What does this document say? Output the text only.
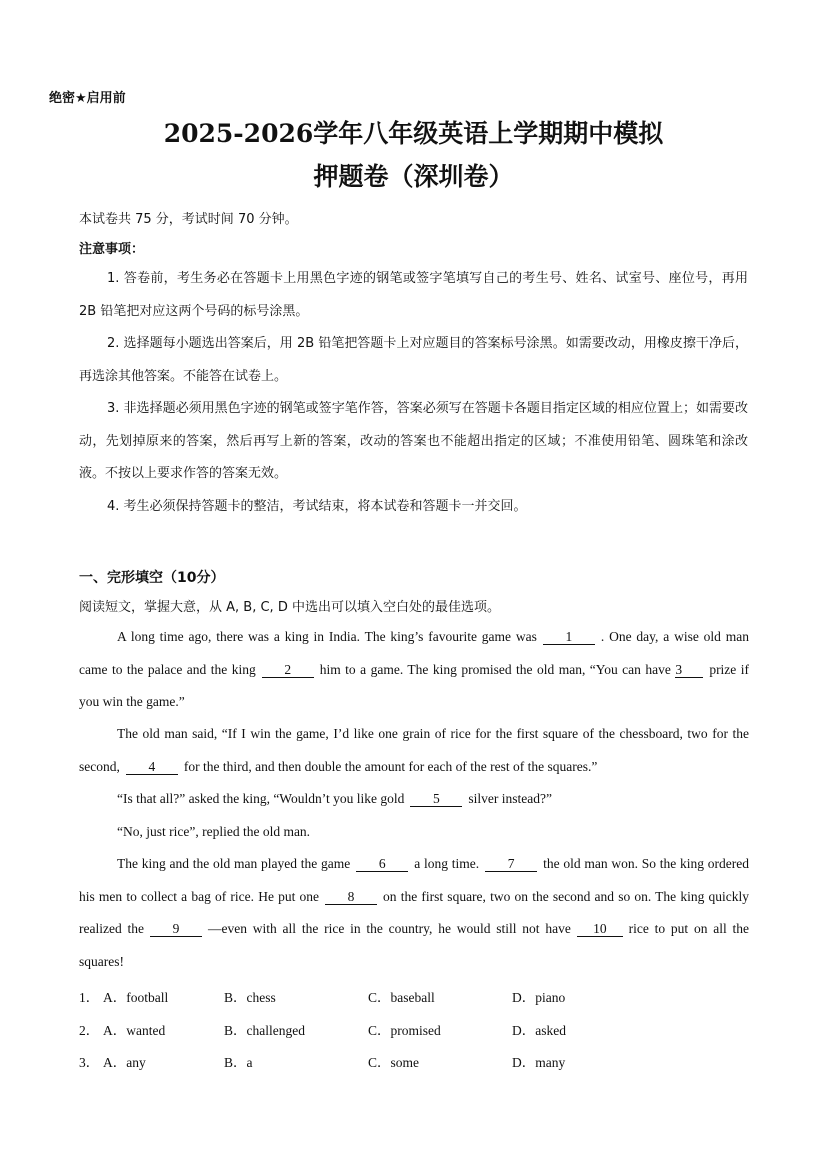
绝密★启用前
2025-2026学年八年级英语上学期期中模拟
押题卷（深圳卷）
本试卷共 75 分，考试时间 70 分钟。
注意事项：
1. 答卷前，考生务必在答题卡上用黑色字迹的钢笔或签字笔填写自己的考生号、姓名、试室号、座位号，再用 2B 铅笔把对应这两个号码的标号涂黑。
2. 选择题每小题选出答案后，用 2B 铅笔把答题卡上对应题目的答案标号涂黑。如需要改动，用橡皮擦干净后，再选涂其他答案。不能答在试卷上。
3. 非选择题必须用黑色字迹的钢笔或签字笔作答，答案必须写在答题卡各题目指定区域的相应位置上；如需要改动，先划掉原来的答案，然后再写上新的答案，改动的答案也不能超出指定的区域；不准使用铅笔、圆珠笔和涂改液。不按以上要求作答的答案无效。
4. 考生必须保持答题卡的整洁，考试结束，将本试卷和答题卡一并交回。
一、完形填空（10分）
阅读短文，掌握大意，从 A, B, C, D 中选出可以填入空白处的最佳选项。
A long time ago, there was a king in India. The king’s favourite game was 1 . One day, a wise old man came to the palace and the king 2 him to a game. The king promised the old man, “You can have 3 prize if you win the game.”
The old man said, “If I win the game, I’d like one grain of rice for the first square of the chessboard, two for the second, 4 for the third, and then double the amount for each of the rest of the squares.”
“Is that all?” asked the king, “Wouldn’t you like gold 5 silver instead?”
“No, just rice”, replied the old man.
The king and the old man played the game 6 a long time. 7 the old man won. So the king ordered his men to collect a bag of rice. He put one 8 on the first square, two on the second and so on. The king quickly realized the 9 —even with all the rice in the country, he would still not have 10 rice to put on all the squares!
1． A．football	B．chess	C．baseball	D．piano
2． A．wanted	B．challenged	C．promised	D．asked
3． A．any	B．a	C．some	D．many
